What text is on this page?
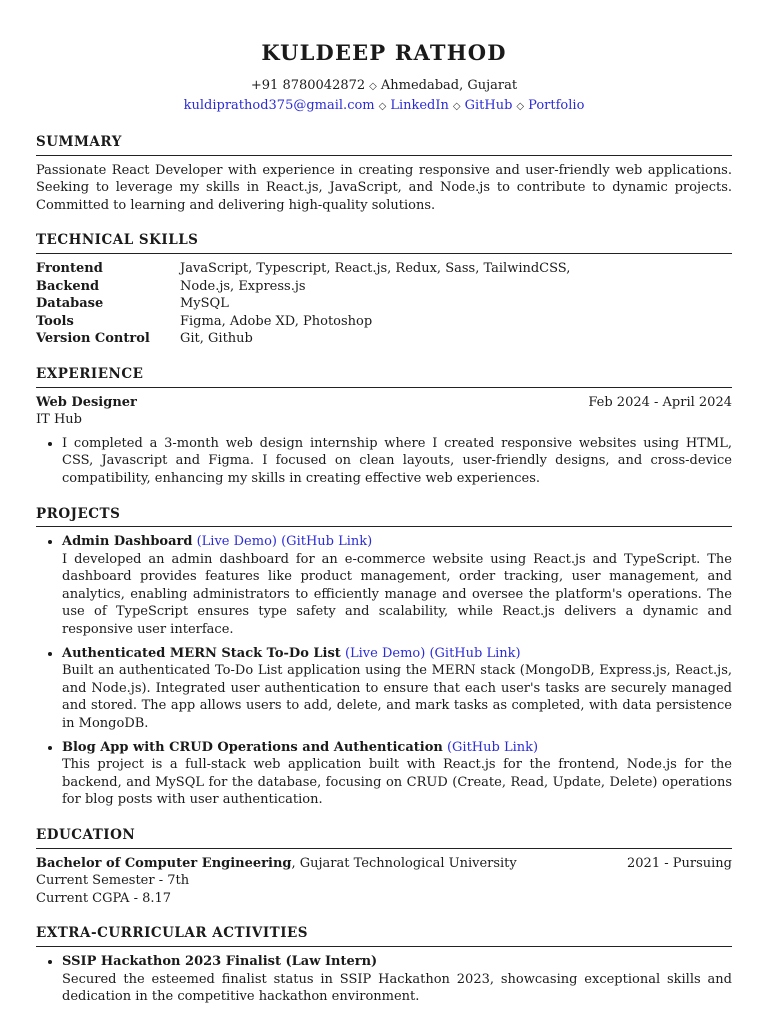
KULDEEP RATHOD
+91 8780042872 ◇ Ahmedabad, Gujarat
kuldiprathod375@gmail.com ◇ LinkedIn ◇ GitHub ◇ Portfolio
SUMMARY
Passionate React Developer with experience in creating responsive and user-friendly web applications. Seeking to leverage my skills in React.js, JavaScript, and Node.js to contribute to dynamic projects. Committed to learning and delivering high-quality solutions.
TECHNICAL SKILLS
Frontend	JavaScript, Typescript, React.js, Redux, Sass, TailwindCSS,
Backend	Node.js, Express.js
Database	MySQL
Tools	Figma, Adobe XD, Photoshop
Version Control	Git, Github
EXPERIENCE
Web Designer	Feb 2024 - April 2024
IT Hub
• I completed a 3-month web design internship where I created responsive websites using HTML, CSS, Javascript and Figma. I focused on clean layouts, user-friendly designs, and cross-device compatibility, enhancing my skills in creating effective web experiences.
PROJECTS
• Admin Dashboard (Live Demo) (GitHub Link)
I developed an admin dashboard for an e-commerce website using React.js and TypeScript. The dashboard provides features like product management, order tracking, user management, and analytics, enabling administrators to efficiently manage and oversee the platform's operations. The use of TypeScript ensures type safety and scalability, while React.js delivers a dynamic and responsive user interface.
• Authenticated MERN Stack To-Do List (Live Demo) (GitHub Link)
Built an authenticated To-Do List application using the MERN stack (MongoDB, Express.js, React.js, and Node.js). Integrated user authentication to ensure that each user's tasks are securely managed and stored. The app allows users to add, delete, and mark tasks as completed, with data persistence in MongoDB.
• Blog App with CRUD Operations and Authentication (GitHub Link)
This project is a full-stack web application built with React.js for the frontend, Node.js for the backend, and MySQL for the database, focusing on CRUD (Create, Read, Update, Delete) operations for blog posts with user authentication.
EDUCATION
Bachelor of Computer Engineering, Gujarat Technological University	2021 - Pursuing
Current Semester - 7th
Current CGPA - 8.17
EXTRA-CURRICULAR ACTIVITIES
• SSIP Hackathon 2023 Finalist (Law Intern)
Secured the esteemed finalist status in SSIP Hackathon 2023, showcasing exceptional skills and dedication in the competitive hackathon environment.
